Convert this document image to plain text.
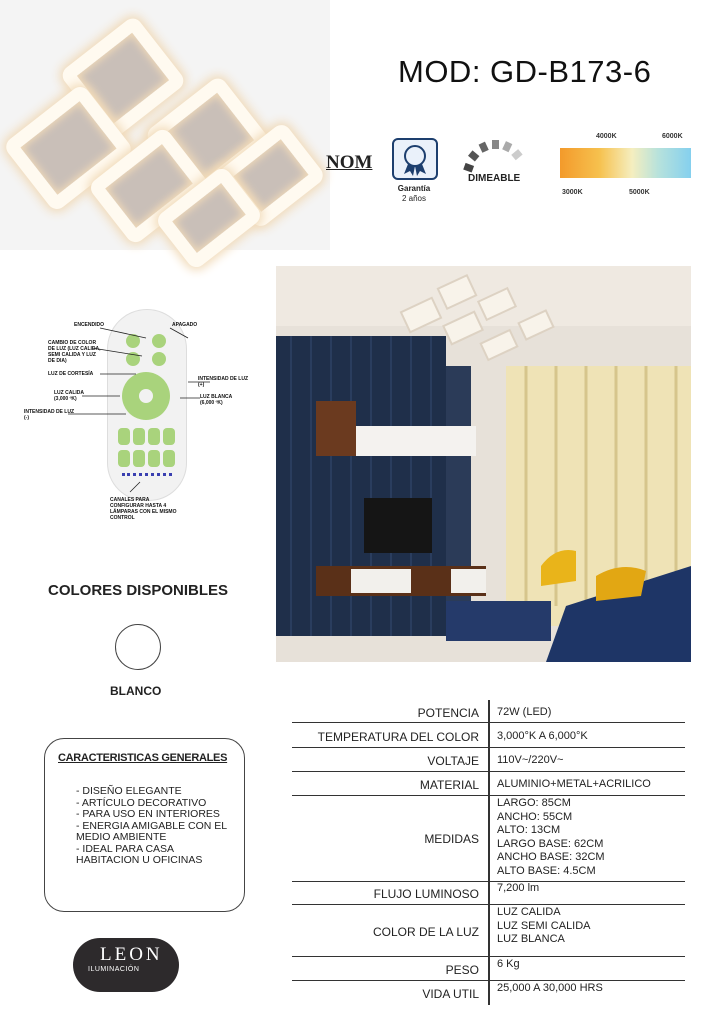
MOD: GD-B173-6
NOM
Garantía
2 años
DIMEABLE
4000K	6000K
3000K	5000K
ENCENDIDO	APAGADO
CAMBIO DE COLOR DE LUZ (LUZ CALIDA, SEMI CALIDA Y LUZ DE DIA)
LUZ DE CORTESÍA
INTENSIDAD DE LUZ (+)
LUZ CALIDA (3,000 ºK)	LUZ BLANCA (6,000 ºK)
INTENSIDAD DE LUZ (-)
CANALES PARA CONFIGURAR HASTA 4 LÁMPARAS CON EL MISMO CONTROL
COLORES DISPONIBLES
BLANCO
POTENCIA 72W (LED)
TEMPERATURA DEL COLOR 3,000°K A 6,000°K
VOLTAJE 110V~/220V~
MATERIAL ALUMINIO+METAL+ACRILICO
MEDIDAS
LARGO: 85CM
ANCHO: 55CM
ALTO: 13CM
LARGO BASE: 62CM
ANCHO BASE: 32CM
ALTO BASE: 4.5CM
FLUJO LUMINOSO 7,200 lm
COLOR DE LA LUZ
LUZ CALIDA
LUZ SEMI CALIDA
LUZ BLANCA
PESO 6 Kg
VIDA UTIL 25,000 A 30,000 HRS
CARACTERISTICAS GENERALES
- DISEÑO ELEGANTE
- ARTÍCULO DECORATIVO
- PARA USO EN INTERIORES
- ENERGIA AMIGABLE CON EL MEDIO AMBIENTE
- IDEAL PARA CASA HABITACION U OFICINAS
LEON
ILUMINACIÓN
